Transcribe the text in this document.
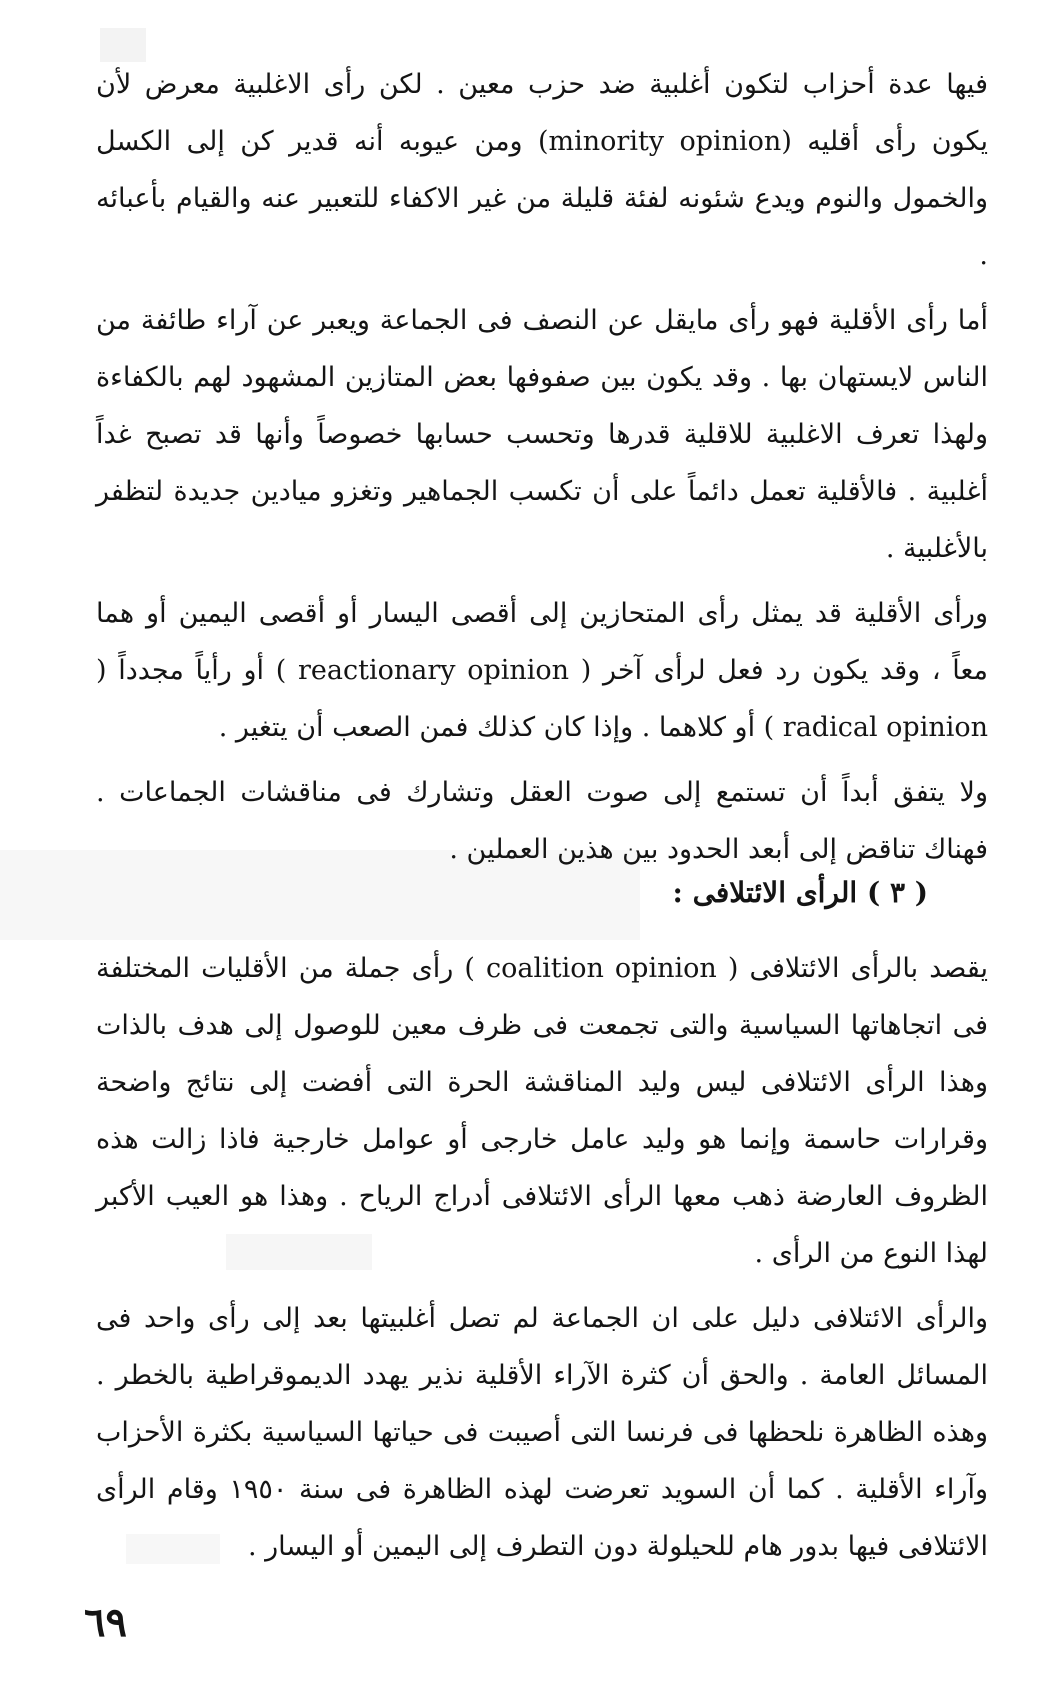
فيها عدة أحزاب لتكون أغلبية ضد حزب معين . لكن رأى الاغلبية معرض لأن يكون رأى أقليه (minority opinion) ومن عيوبه أنه قدير كن إلى الكسل والخمول والنوم ويدع شئونه لفئة قليلة من غير الاكفاء للتعبير عنه والقيام بأعبائه .

أما رأى الأقلية فهو رأى مايقل عن النصف فى الجماعة ويعبر عن آراء طائفة من الناس لايستهان بها . وقد يكون بين صفوفها بعض المتازين المشهود لهم بالكفاءة ولهذا تعرف الاغلبية للاقلية قدرها وتحسب حسابها خصوصاً وأنها قد تصبح غداً أغلبية . فالأقلية تعمل دائماً على أن تكسب الجماهير وتغزو ميادين جديدة لتظفر بالأغلبية .

ورأى الأقلية قد يمثل رأى المتحازين إلى أقصى اليسار أو أقصى اليمين أو هما معاً ، وقد يكون رد فعل لرأى آخر ( reactionary opinion ) أو رأياً مجدداً ( radical opinion ) أو كلاهما . وإذا كان كذلك فمن الصعب أن يتغير .

ولا يتفق أبداً أن تستمع إلى صوت العقل وتشارك فى مناقشات الجماعات . فهناك تناقض إلى أبعد الحدود بين هذين العملين .

( ٣ ) الرأى الائتلافى :

يقصد بالرأى الائتلافى ( coalition opinion ) رأى جملة من الأقليات المختلفة فى اتجاهاتها السياسية والتى تجمعت فى ظرف معين للوصول إلى هدف بالذات وهذا الرأى الائتلافى ليس وليد المناقشة الحرة التى أفضت إلى نتائج واضحة وقرارات حاسمة وإنما هو وليد عامل خارجى أو عوامل خارجية فاذا زالت هذه الظروف العارضة ذهب معها الرأى الائتلافى أدراج الرياح . وهذا هو العيب الأكبر لهذا النوع من الرأى .

والرأى الائتلافى دليل على ان الجماعة لم تصل أغلبيتها بعد إلى رأى واحد فى المسائل العامة . والحق أن كثرة الآراء الأقلية نذير يهدد الديموقراطية بالخطر . وهذه الظاهرة نلحظها فى فرنسا التى أصيبت فى حياتها السياسية بكثرة الأحزاب وآراء الأقلية . كما أن السويد تعرضت لهذه الظاهرة فى سنة ١٩٥٠ وقام الرأى الائتلافى فيها بدور هام للحيلولة دون التطرف إلى اليمين أو اليسار .

٦٩
